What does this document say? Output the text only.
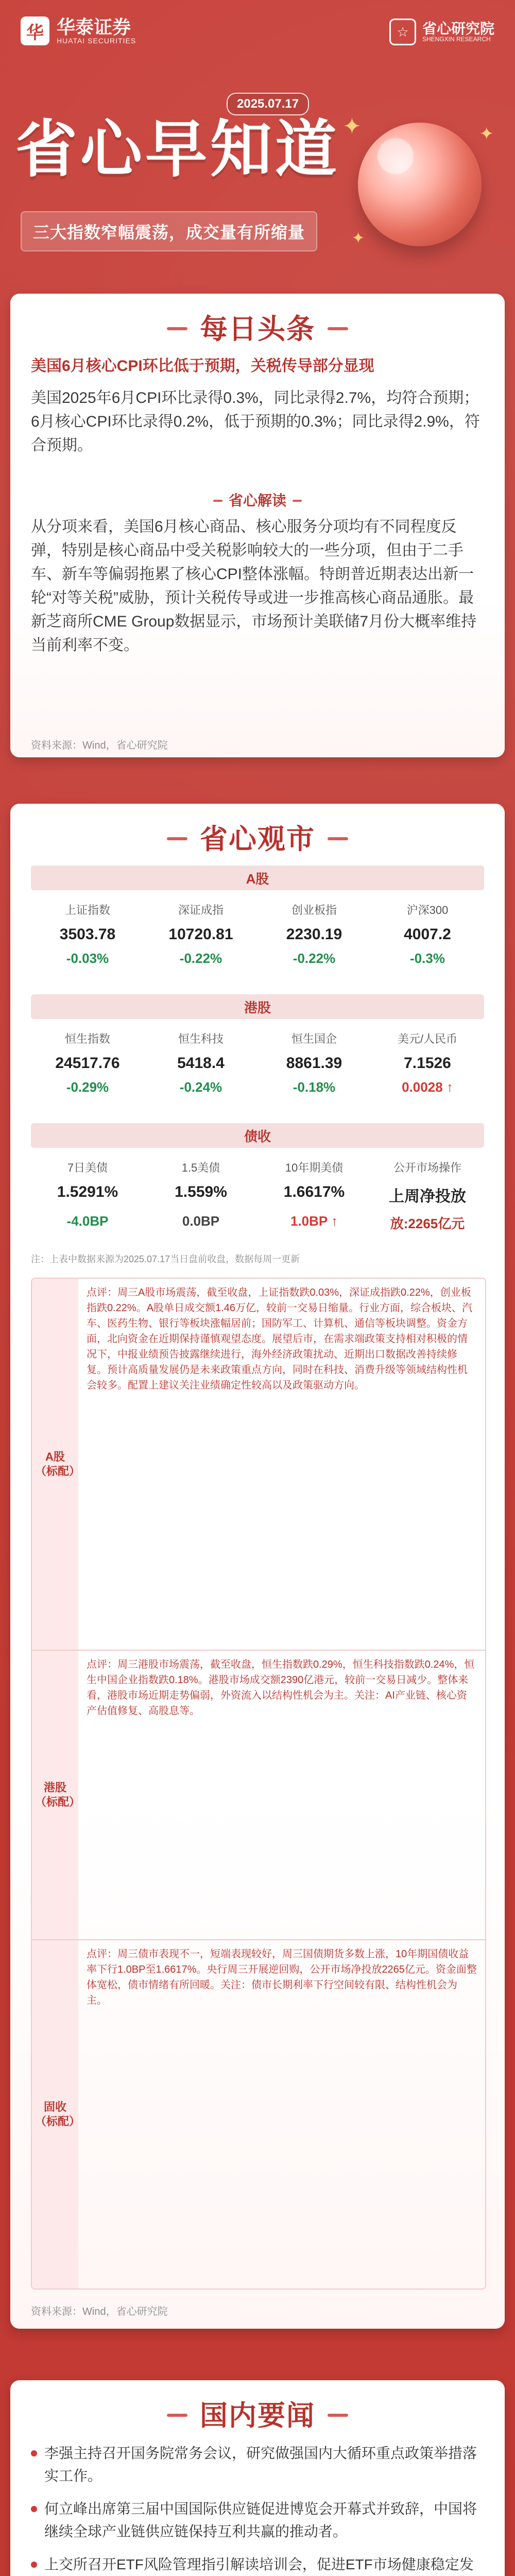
华 华泰证券
HUATAI SECURITIES
☆ 省心研究院
SHENGXIN RESEARCH
2025.07.17
省心早知道
三大指数窄幅震荡，成交量有所缩量
✦	✦
✦
每日头条
美国6月核心CPI环比低于预期，关税传导部分显现
美国2025年6月CPI环比录得0.3%，同比录得2.7%，均符合预期；6月核心CPI环比录得0.2%，低于预期的0.3%；同比录得2.9%，符合预期。
省心解读
从分项来看，美国6月核心商品、核心服务分项均有不同程度反弹，特别是核心商品中受关税影响较大的一些分项，但由于二手车、新车等偏弱拖累了核心CPI整体涨幅。特朗普近期表达出新一轮“对等关税”威胁，预计关税传导或进一步推高核心商品通胀。最新芝商所CME Group数据显示，市场预计美联储7月份大概率维持当前利率不变。
资料来源：Wind，省心研究院
省心观市
A股
上证指数	深证成指	创业板指	沪深300
3503.78	10720.81	2230.19	4007.2
-0.03%	-0.22%	-0.22%	-0.3%
港股
恒生指数	恒生科技	恒生国企	美元/人民币
24517.76	5418.4	8861.39	7.1526
-0.29%	-0.24%	-0.18%	0.0028 ↑
债收
7日美债	1.5美债	10年期美债	公开市场操作
1.5291%	1.559%	1.6617%	上周净投放
-4.0BP	0.0BP	1.0BP ↑	放:2265亿元
注：上表中数据来源为2025.07.17当日盘前收盘，数据每周一更新
A股（标配）
点评：周三A股市场震荡，截至收盘，上证指数跌0.03%，深证成指跌0.22%，创业板指跌0.22%。A股单日成交额1.46万亿，较前一交易日缩量。行业方面，综合板块、汽车、医药生物、银行等板块涨幅居前；国防军工、计算机、通信等板块调整。资金方面，北向资金在近期保持谨慎观望态度。展望后市，在需求端政策支持相对积极的情况下，中报业绩预告披露继续进行，海外经济政策扰动、近期出口数据改善持续修复。预计高质量发展仍是未来政策重点方向，同时在科技、消费升级等领域结构性机会较多。配置上建议关注业绩确定性较高以及政策驱动方向。
港股（标配）
点评：周三港股市场震荡，截至收盘，恒生指数跌0.29%，恒生科技指数跌0.24%，恒生中国企业指数跌0.18%。港股市场成交额2390亿港元，较前一交易日减少。整体来看，港股市场近期走势偏弱，外资流入以结构性机会为主。关注：AI产业链、核心资产估值修复、高股息等。
固收（标配）
点评：周三债市表现不一，短端表现较好，周三国债期货多数上涨，10年期国债收益率下行1.0BP至1.6617%。央行周三开展逆回购，公开市场净投放2265亿元。资金面整体宽松，债市情绪有所回暖。关注：债市长期利率下行空间较有限、结构性机会为主。
资料来源：Wind，省心研究院
国内要闻
李强主持召开国务院常务会议，研究做强国内大循环重点政策举措落实工作。
何立峰出席第三届中国国际供应链促进博览会开幕式并致辞，中国将继续全球产业链供应链保持互利共赢的推动者。
上交所召开ETF风险管理指引解读培训会，促进ETF市场健康稳定发
